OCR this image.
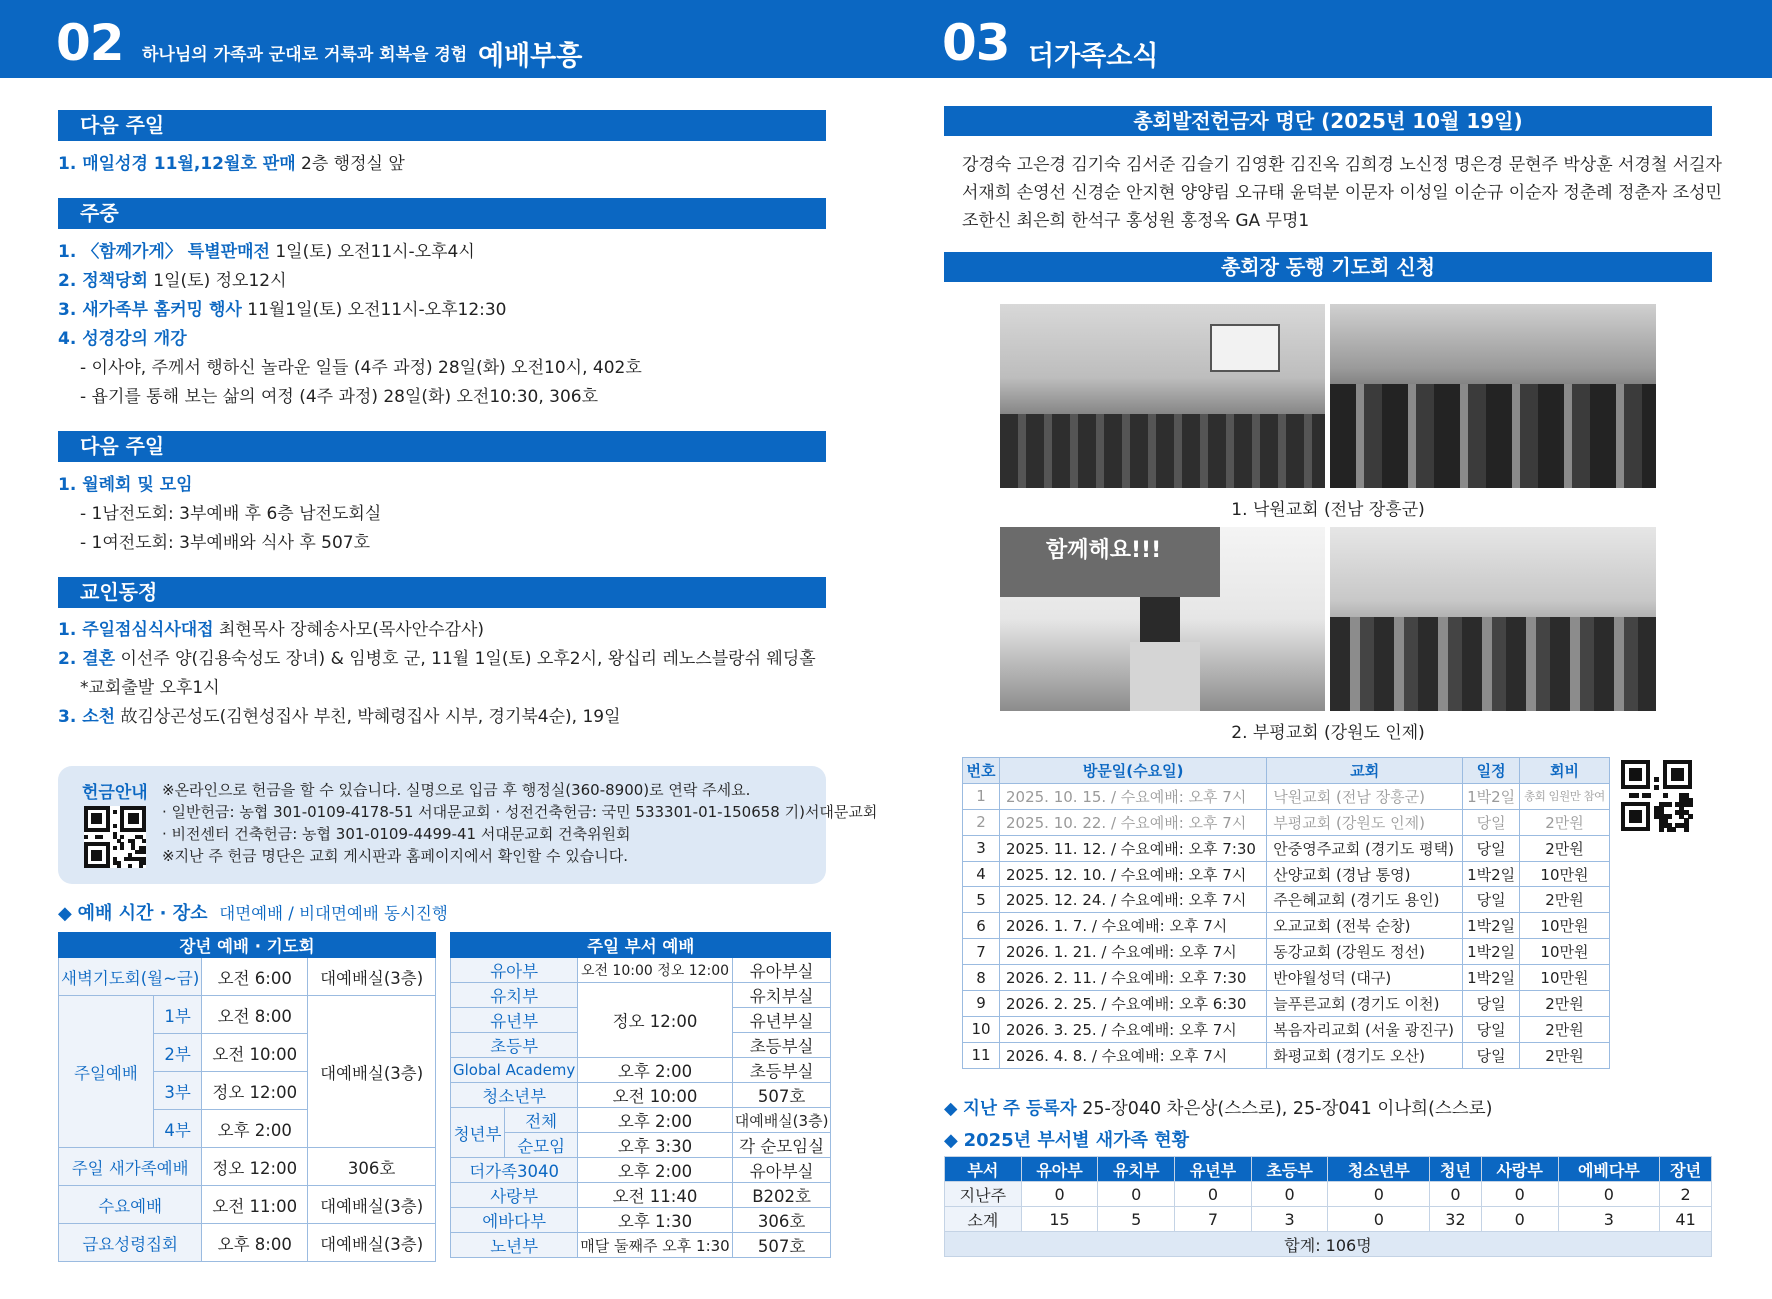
02 하나님의 가족과 군대로 거룩과 회복을 경험 예배부흥	03 더가족소식
다음 주일
1. 매일성경 11월,12월호 판매 2층 행정실 앞
주중
1. 〈함께가게〉 특별판매전 1일(토) 오전11시-오후4시
2. 정책당회 1일(토) 정오12시
3. 새가족부 홈커밍 행사 11월1일(토) 오전11시-오후12:30
4. 성경강의 개강
- 이사야, 주께서 행하신 놀라운 일들 (4주 과정) 28일(화) 오전10시, 402호
- 욥기를 통해 보는 삶의 여정 (4주 과정) 28일(화) 오전10:30, 306호
다음 주일
1. 월례회 및 모임
- 1남전도회: 3부예배 후 6층 남전도회실
- 1여전도회: 3부예배와 식사 후 507호
교인동정
1. 주일점심식사대접 최현목사 장혜송사모(목사안수감사)
2. 결혼 이선주 양(김용숙성도 장녀) & 임병호 군, 11월 1일(토) 오후2시, 왕십리 레노스블랑쉬 웨딩홀
*교회출발 오후1시
3. 소천 故김상곤성도(김현성집사 부친, 박혜령집사 시부, 경기북4순), 19일
헌금안내 ※온라인으로 헌금을 할 수 있습니다. 실명으로 입금 후 행정실(360-8900)로 연락 주세요.
· 일반헌금: 농협 301-0109-4178-51 서대문교회 · 성전건축헌금: 국민 533301-01-150658 기)서대문교회
· 비전센터 건축헌금: 농협 301-0109-4499-41 서대문교회 건축위원회
※지난 주 헌금 명단은 교회 게시판과 홈페이지에서 확인할 수 있습니다.
◆ 예배 시간 · 장소 대면예배 / 비대면예배 동시진행
장년 예배 · 기도회			
새벽기도회(월~금)		오전 6:00	대예배실(3층)
주일예배	1부	오전 8:00	대예배실(3층)
	2부	오전 10:00	
	3부	정오 12:00	
	4부	오후 2:00	
주일 새가족예배		정오 12:00	306호
수요예배		오전 11:00	대예배실(3층)
금요성령집회		오후 8:00	대예배실(3층)
주일 부서 예배			
유아부		오전 10:00 정오 12:00	유아부실
유치부		정오 12:00	유치부실
유년부			유년부실
초등부			초등부실
Global Academy		오후 2:00	초등부실
청소년부		오전 10:00	507호
청년부	전체	오후 2:00	대예배실(3층)
	순모임	오후 3:30	각 순모임실
더가족3040		오후 2:00	유아부실
사랑부		오전 11:40	B202호
에바다부		오후 1:30	306호
노년부		매달 둘째주 오후 1:30	507호
총회발전헌금자 명단 (2025년 10월 19일)
강경숙 고은경 김기숙 김서준 김슬기 김영환 김진옥 김희경 노신정 명은경 문현주 박상훈 서경철 서길자
서재희 손영선 신경순 안지현 양양림 오규태 윤덕분 이문자 이성일 이순규 이순자 정춘례 정춘자 조성민
조한신 최은희 한석구 홍성원 홍정옥 GA 무명1
총회장 동행 기도회 신청
1. 낙원교회 (전남 장흥군)
함께해요!!!
2. 부평교회 (강원도 인제)
번호	방문일(수요일)	교회	일정	회비
1	2025. 10. 15. / 수요예배: 오후 7시	낙원교회 (전남 장흥군)	1박2일	총회 임원만 참여
2	2025. 10. 22. / 수요예배: 오후 7시	부평교회 (강원도 인제)	당일	2만원
3	2025. 11. 12. / 수요예배: 오후 7:30	안중영주교회 (경기도 평택)	당일	2만원
4	2025. 12. 10. / 수요예배: 오후 7시	산양교회 (경남 통영)	1박2일	10만원
5	2025. 12. 24. / 수요예배: 오후 7시	주은혜교회 (경기도 용인)	당일	2만원
6	2026. 1. 7. / 수요예배: 오후 7시	오교교회 (전북 순창)	1박2일	10만원
7	2026. 1. 21. / 수요예배: 오후 7시	동강교회 (강원도 정선)	1박2일	10만원
8	2026. 2. 11. / 수요예배: 오후 7:30	반야월성덕 (대구)	1박2일	10만원
9	2026. 2. 25. / 수요예배: 오후 6:30	늘푸른교회 (경기도 이천)	당일	2만원
10	2026. 3. 25. / 수요예배: 오후 7시	복음자리교회 (서울 광진구)	당일	2만원
11	2026. 4. 8. / 수요예배: 오후 7시	화평교회 (경기도 오산)	당일	2만원
◆ 지난 주 등록자 25-장040 차은상(스스로), 25-장041 이나희(스스로)
◆ 2025년 부서별 새가족 현황
부서	유아부	유치부	유년부	초등부	청소년부	청년	사랑부	에베다부	장년
지난주	0	0	0	0	0	0	0	0	2
소계	15	5	7	3	0	32	0	3	41
합계: 106명									
